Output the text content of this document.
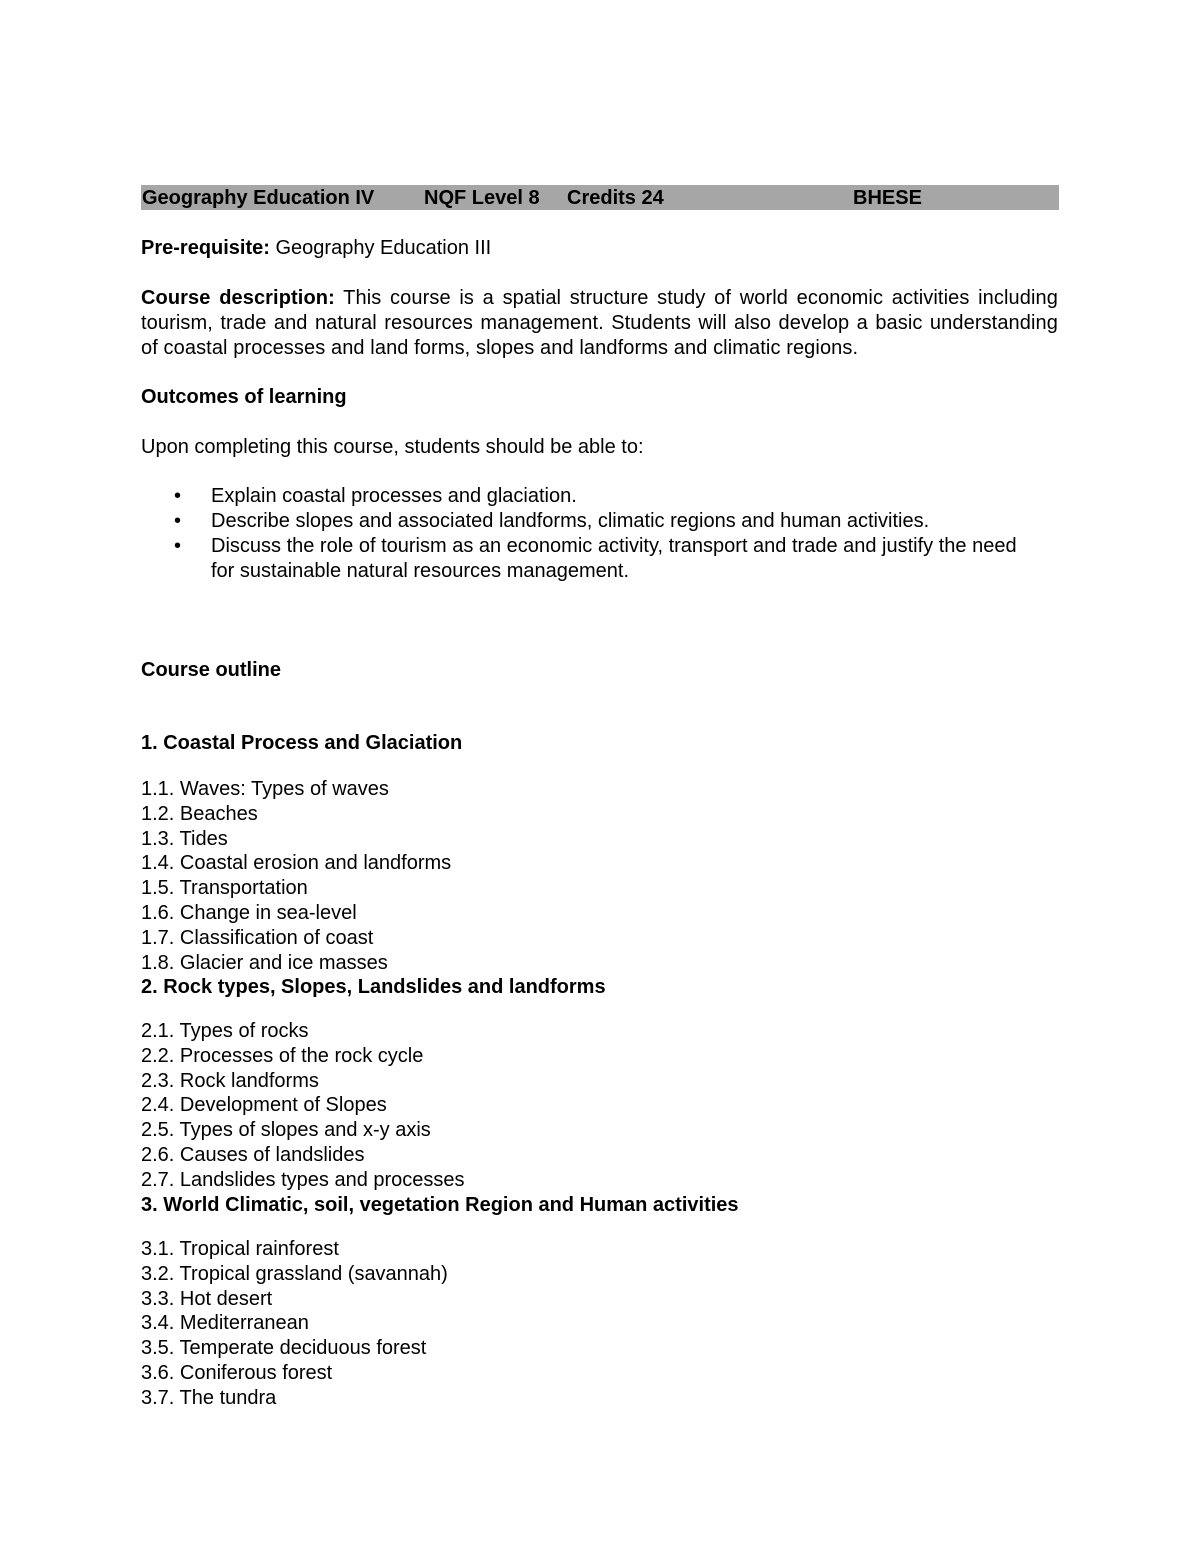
Geography Education IV NQF Level 8 Credits 24	BHESE
Pre-requisite: Geography Education III
Course description: This course is a spatial structure study of world economic activities including tourism, trade and natural resources management. Students will also develop a basic understanding of coastal processes and land forms, slopes and landforms and climatic regions.
Outcomes of learning
Upon completing this course, students should be able to:
• Explain coastal processes and glaciation.
• Describe slopes and associated landforms, climatic regions and human activities.
• Discuss the role of tourism as an economic activity, transport and trade and justify the need for sustainable natural resources management.
Course outline
1. Coastal Process and Glaciation
1.1. Waves: Types of waves
1.2. Beaches
1.3. Tides
1.4. Coastal erosion and landforms
1.5. Transportation
1.6. Change in sea-level
1.7. Classification of coast
1.8. Glacier and ice masses
2. Rock types, Slopes, Landslides and landforms
2.1. Types of rocks
2.2. Processes of the rock cycle
2.3. Rock landforms
2.4. Development of Slopes
2.5. Types of slopes and x-y axis
2.6. Causes of landslides
2.7. Landslides types and processes
3. World Climatic, soil, vegetation Region and Human activities
3.1. Tropical rainforest
3.2. Tropical grassland (savannah)
3.3. Hot desert
3.4. Mediterranean
3.5. Temperate deciduous forest
3.6. Coniferous forest
3.7. The tundra
